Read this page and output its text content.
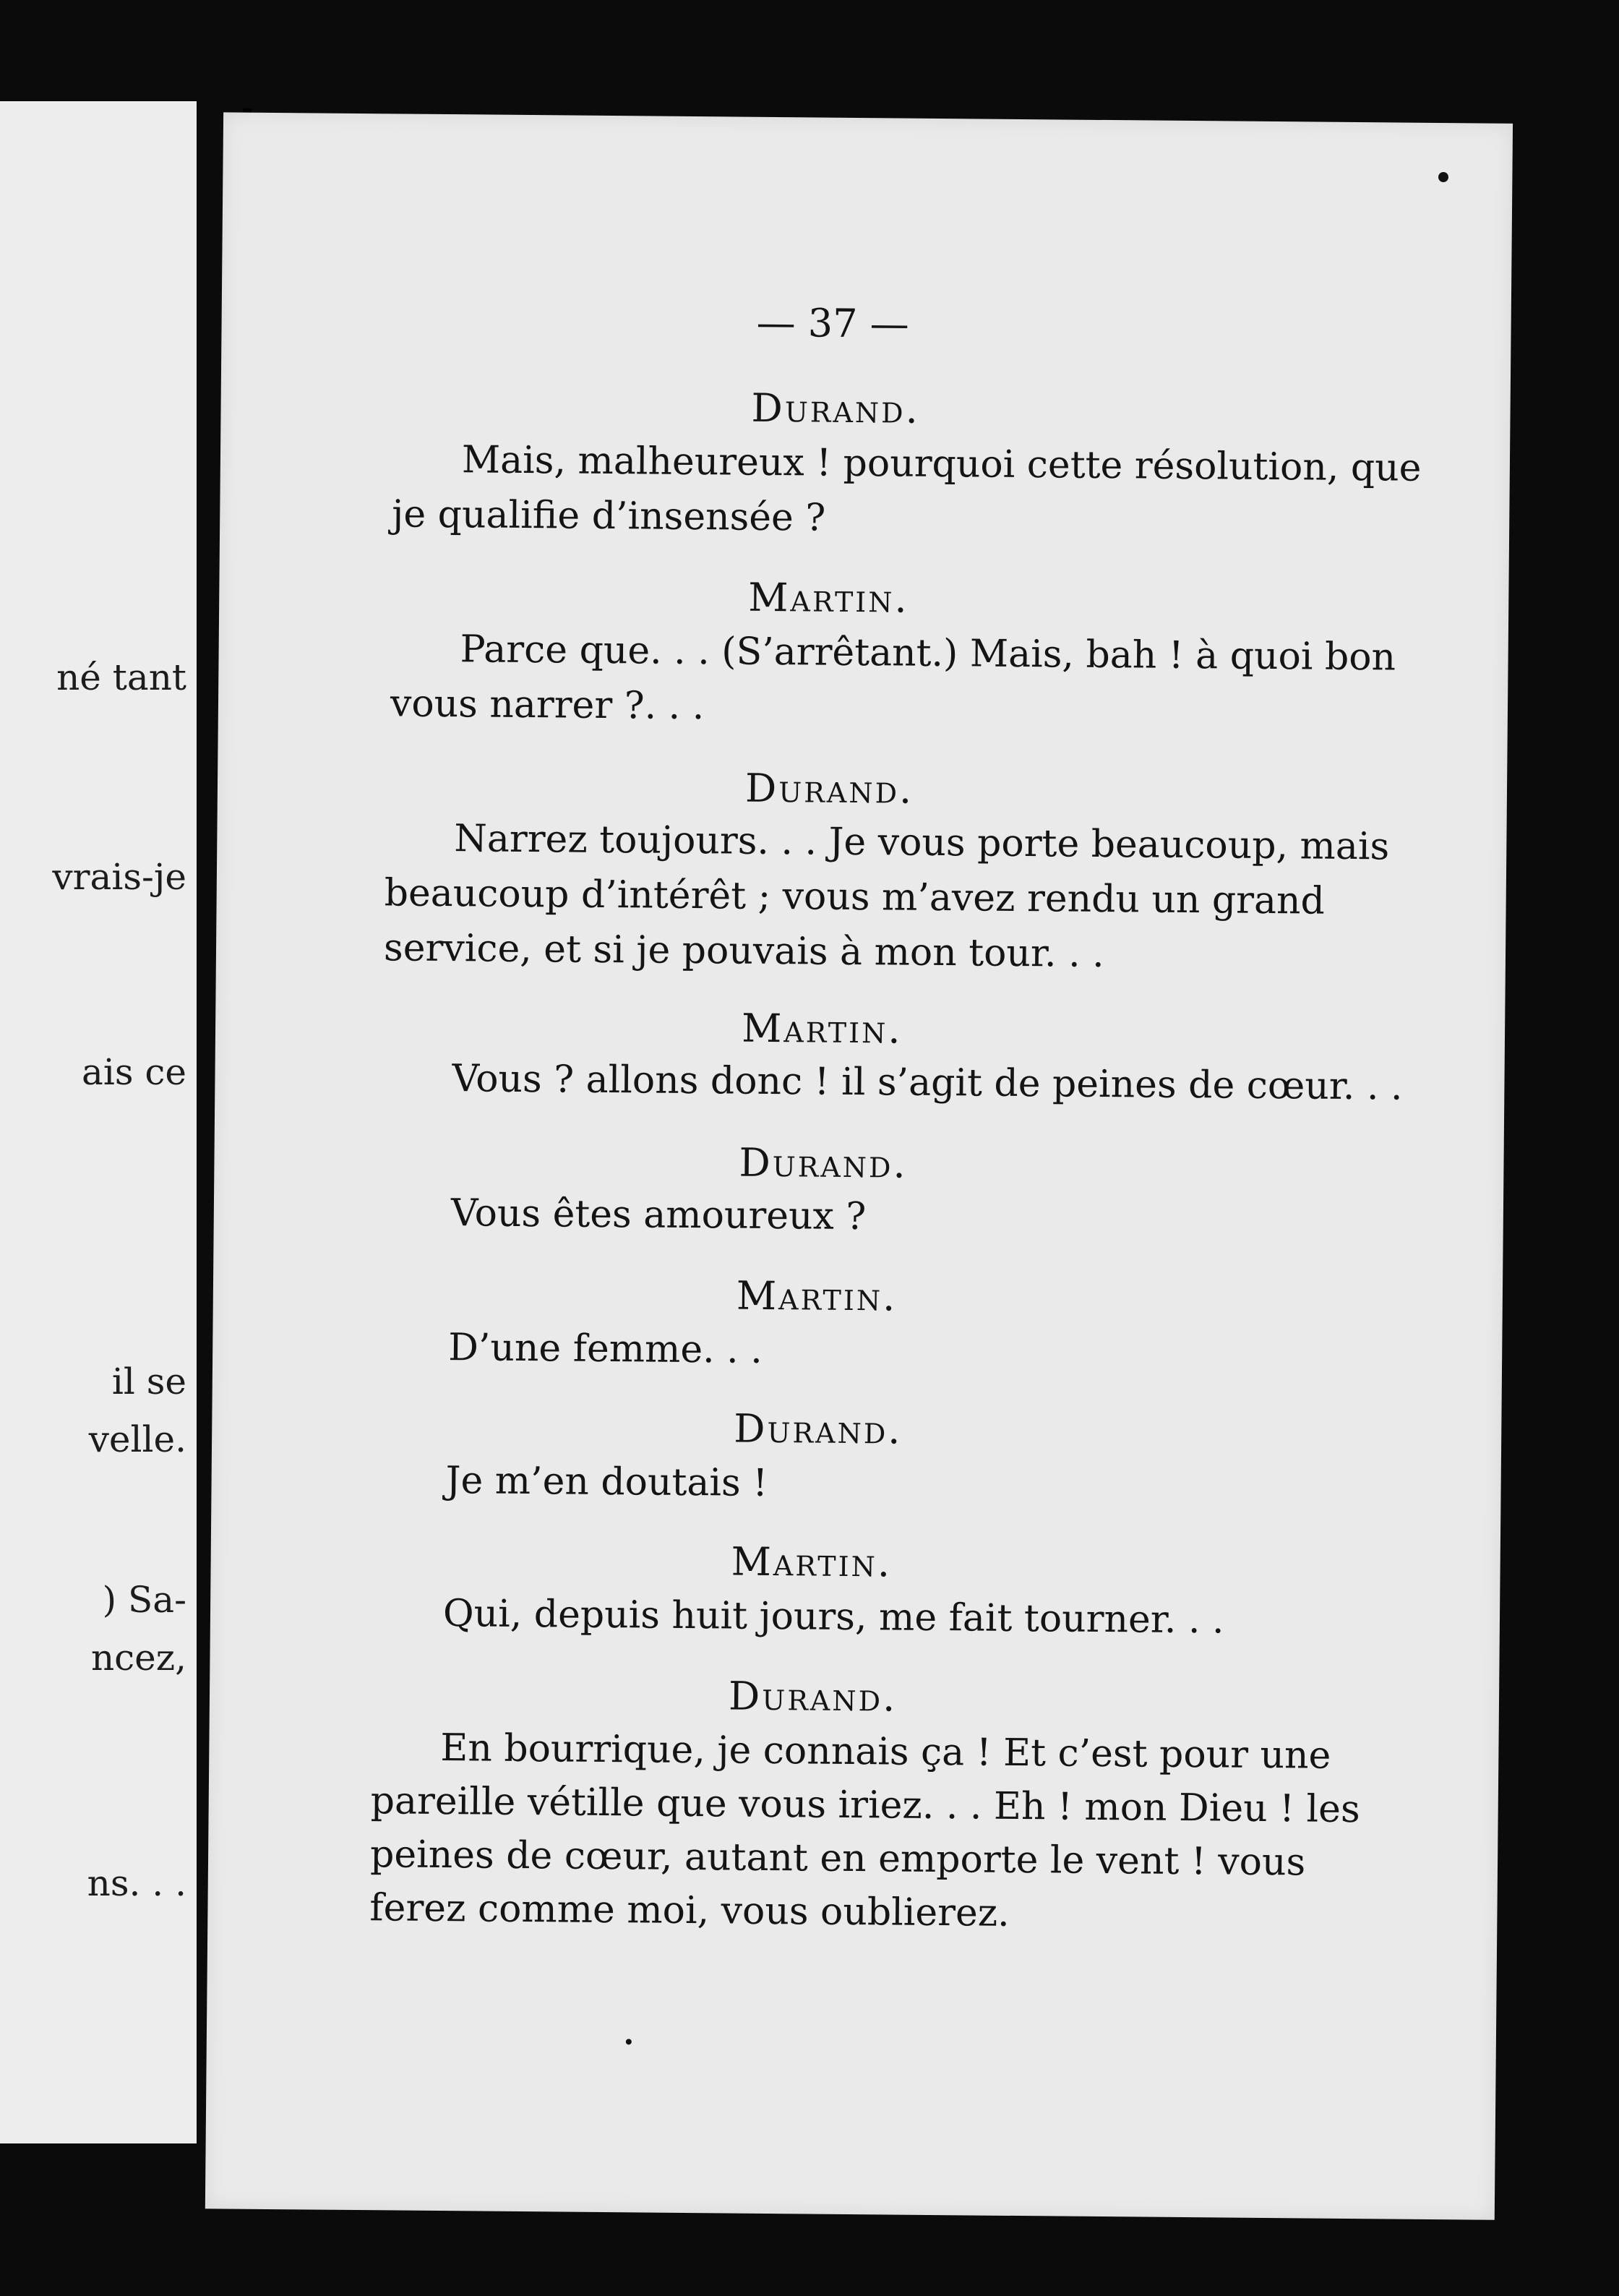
né tant
vrais-je
ais ce
il se
velle.
) Sa-
ncez,
ns. . .
— 37 —
Durand.
Mais, malheureux ! pourquoi cette résolution, que
je qualifie d’insensée ?
Martin.
Parce que. . . (S’arrêtant.) Mais, bah ! à quoi bon
vous narrer ?. . .
Durand.
Narrez toujours. . . Je vous porte beaucoup, mais
beaucoup d’intérêt ; vous m’avez rendu un grand
service, et si je pouvais à mon tour. . .
Martin.
Vous ? allons donc ! il s’agit de peines de cœur. . .
Durand.
Vous êtes amoureux ?
Martin.
D’une femme. . .
Durand.
Je m’en doutais !
Martin.
Qui, depuis huit jours, me fait tourner. . .
Durand.
En bourrique, je connais ça ! Et c’est pour une
pareille vétille que vous iriez. . . Eh ! mon Dieu ! les
peines de cœur, autant en emporte le vent ! vous
ferez comme moi, vous oublierez.
